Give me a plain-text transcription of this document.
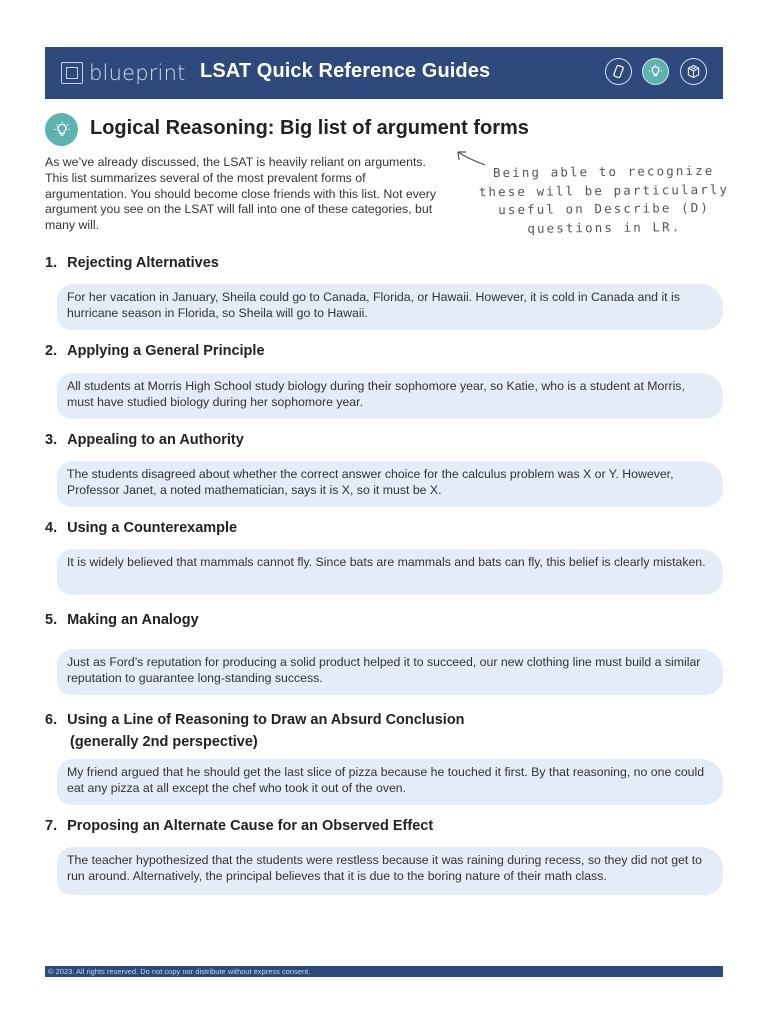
blueprint LSAT Quick Reference Guides
Logical Reasoning: Big list of argument forms
As we’ve already discussed, the LSAT is heavily reliant on arguments. This list summarizes several of the most prevalent forms of argumentation. You should become close friends with this list. Not every argument you see on the LSAT will fall into one of these categories, but many will.
Being able to recognize these will be particularly useful on Describe (D) questions in LR.
1. Rejecting Alternatives
For her vacation in January, Sheila could go to Canada, Florida, or Hawaii. However, it is cold in Canada and it is hurricane season in Florida, so Sheila will go to Hawaii.
2. Applying a General Principle
All students at Morris High School study biology during their sophomore year, so Katie, who is a student at Morris, must have studied biology during her sophomore year.
3. Appealing to an Authority
The students disagreed about whether the correct answer choice for the calculus problem was X or Y. However, Professor Janet, a noted mathematician, says it is X, so it must be X.
4. Using a Counterexample
It is widely believed that mammals cannot fly. Since bats are mammals and bats can fly, this belief is clearly mistaken.
5. Making an Analogy
Just as Ford’s reputation for producing a solid product helped it to succeed, our new clothing line must build a similar reputation to guarantee long-standing success.
6. Using a Line of Reasoning to Draw an Absurd Conclusion
(generally 2nd perspective)
My friend argued that he should get the last slice of pizza because he touched it first. By that reasoning, no one could eat any pizza at all except the chef who took it out of the oven.
7. Proposing an Alternate Cause for an Observed Effect
The teacher hypothesized that the students were restless because it was raining during recess, so they did not get to run around. Alternatively, the principal believes that it is due to the boring nature of their math class.
© 2023. All rights reserved. Do not copy nor distribute without express consent.
